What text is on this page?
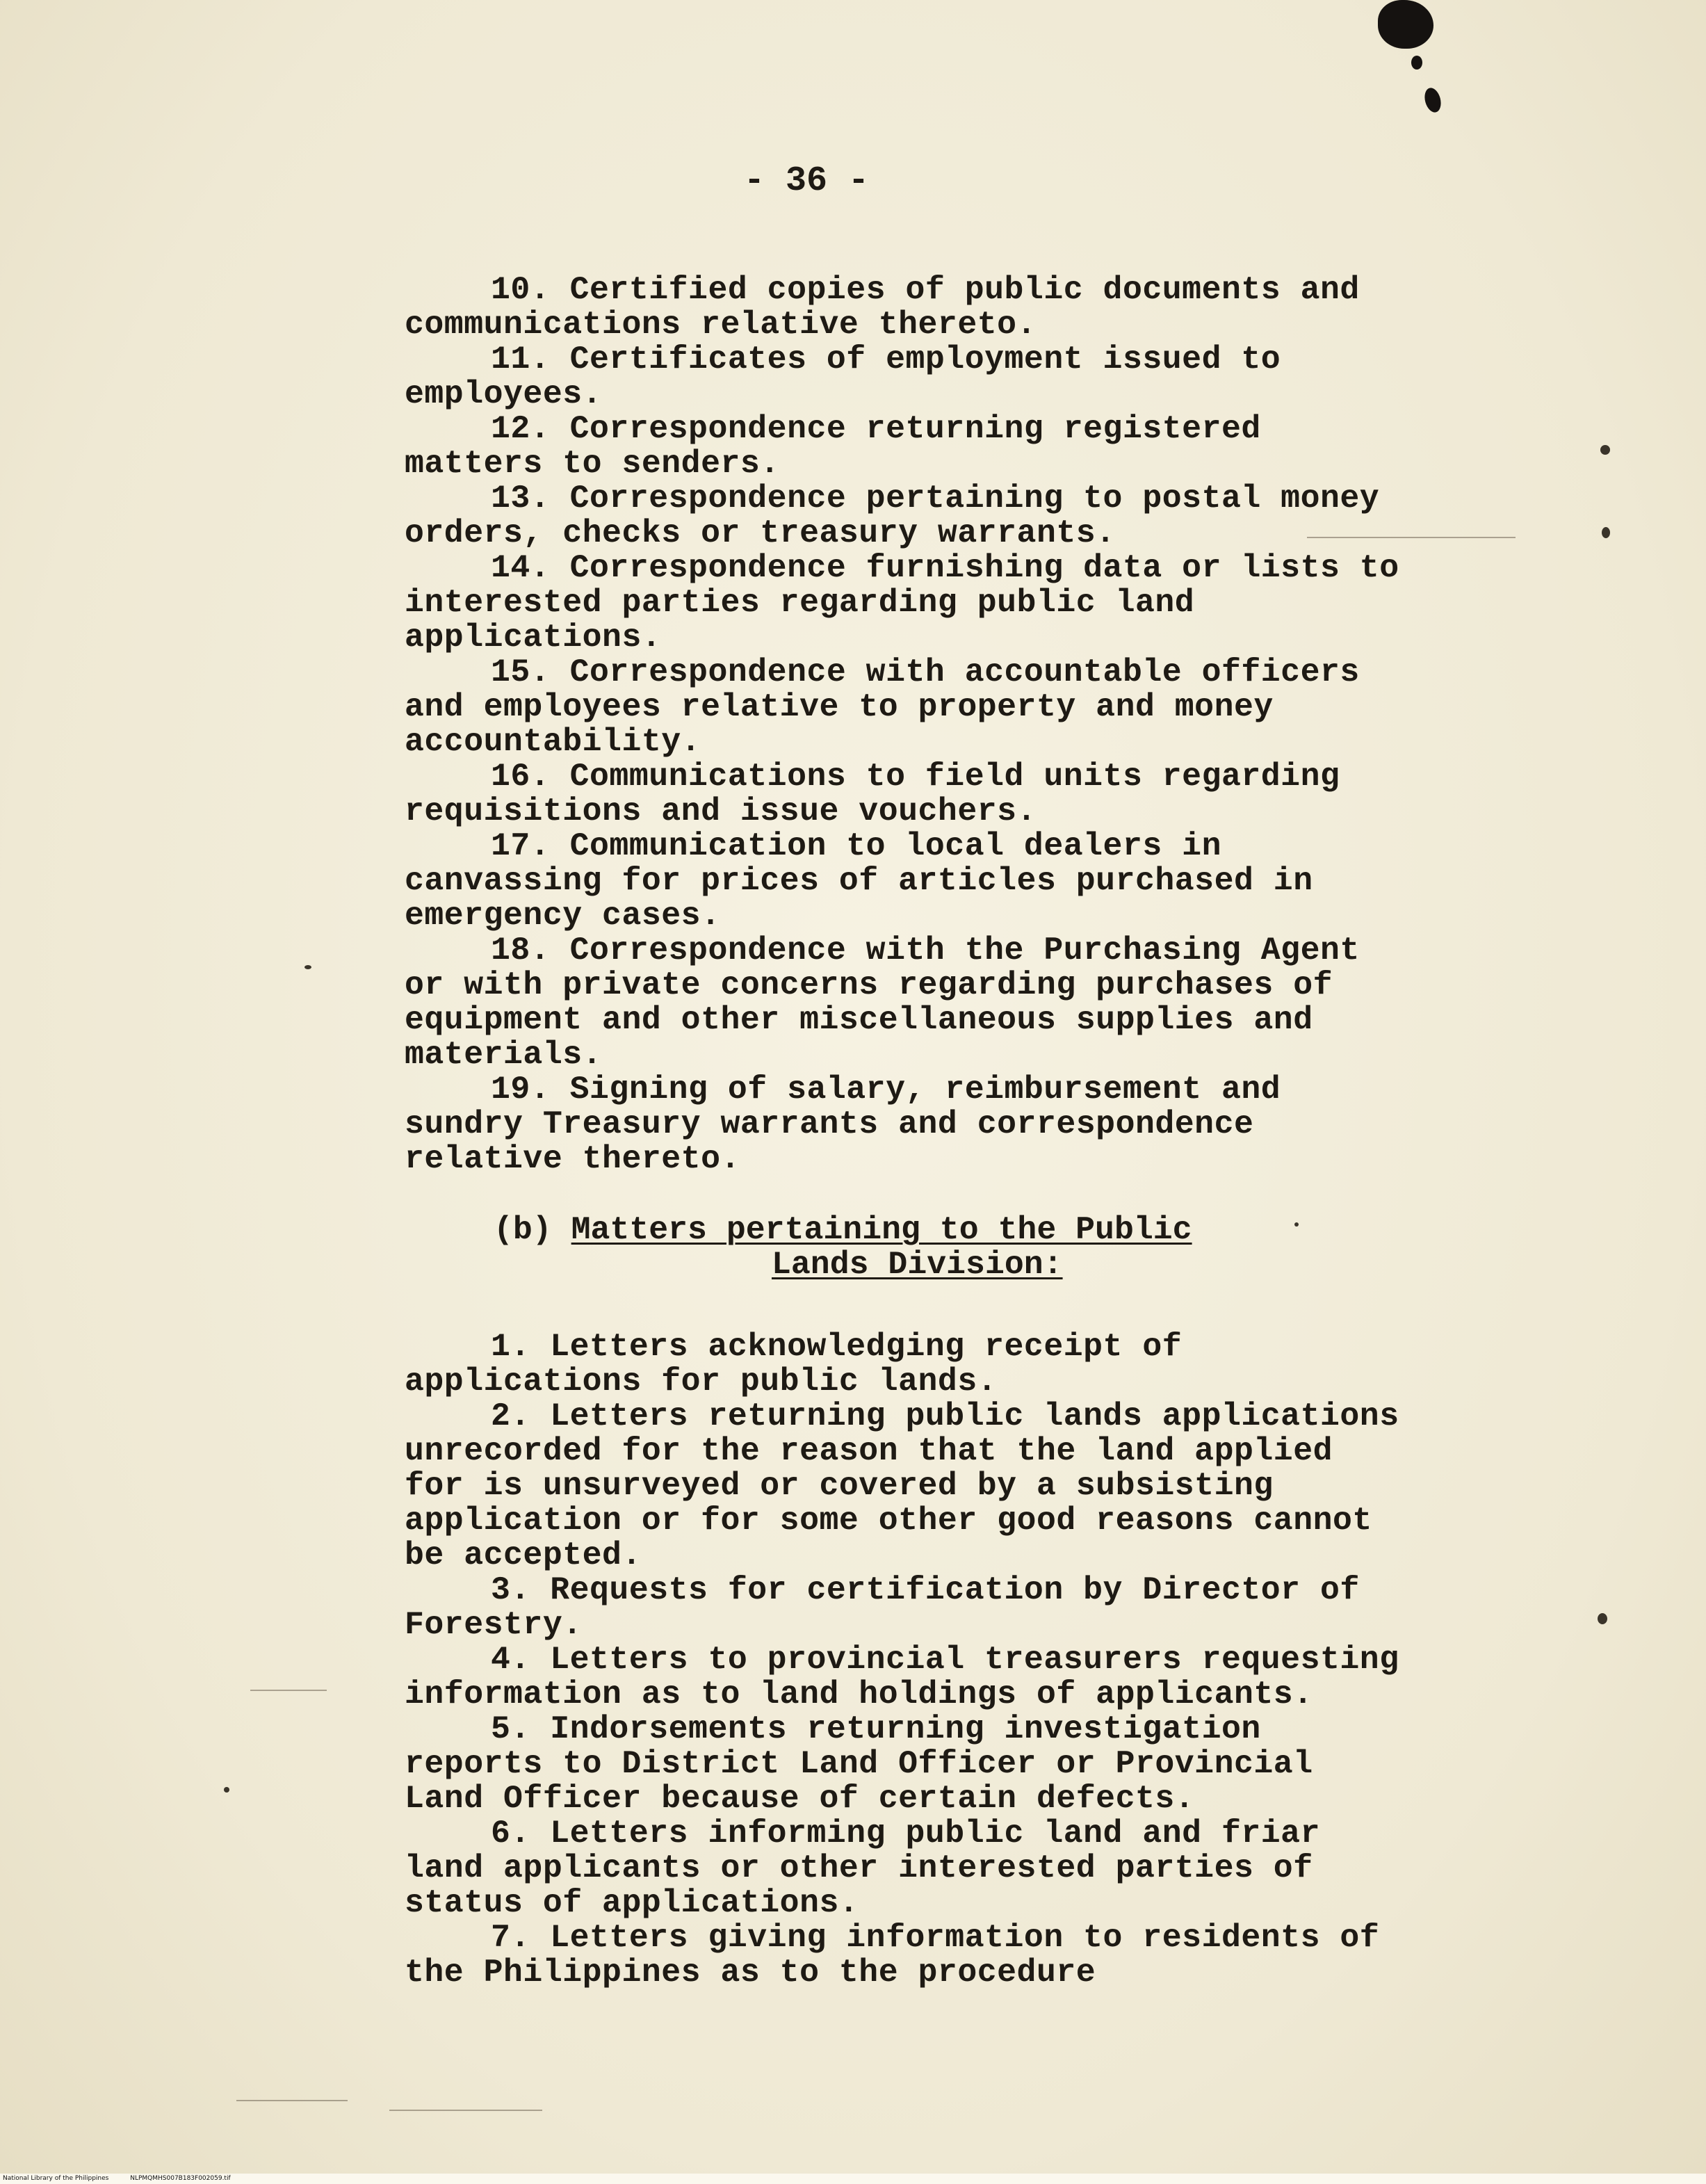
- 36 -

10. Certified copies of public documents and communications relative thereto.

11. Certificates of employment issued to employees.

12. Correspondence returning registered matters to senders.

13. Correspondence pertaining to postal money orders, checks or treasury warrants.

14. Correspondence furnishing data or lists to interested parties regarding public land applications.

15. Correspondence with accountable officers and employees relative to property and money accountability.

16. Communications to field units regarding requisitions and issue vouchers.

17. Communication to local dealers in canvassing for prices of articles purchased in emergency cases.

18. Correspondence with the Purchasing Agent or with private concerns regarding purchases of equipment and other miscellaneous supplies and materials.

19. Signing of salary, reimbursement and sundry Treasury warrants and correspondence relative thereto.

(b) Matters pertaining to the Public
Lands Division:

1. Letters acknowledging receipt of applications for public lands.

2. Letters returning public lands applications unrecorded for the reason that the land applied for is unsurveyed or covered by a subsisting application or for some other good reasons cannot be accepted.

3. Requests for certification by Director of Forestry.

4. Letters to provincial treasurers requesting information as to land holdings of applicants.

5. Indorsements returning investigation reports to District Land Officer or Provincial Land Officer because of certain defects.

6. Letters informing public land and friar land applicants or other interested parties of status of applications.

7. Letters giving information to residents of the Philippines as to the procedure

National Library of the Philippines	NLPMQMHS007B183F002059.tif
